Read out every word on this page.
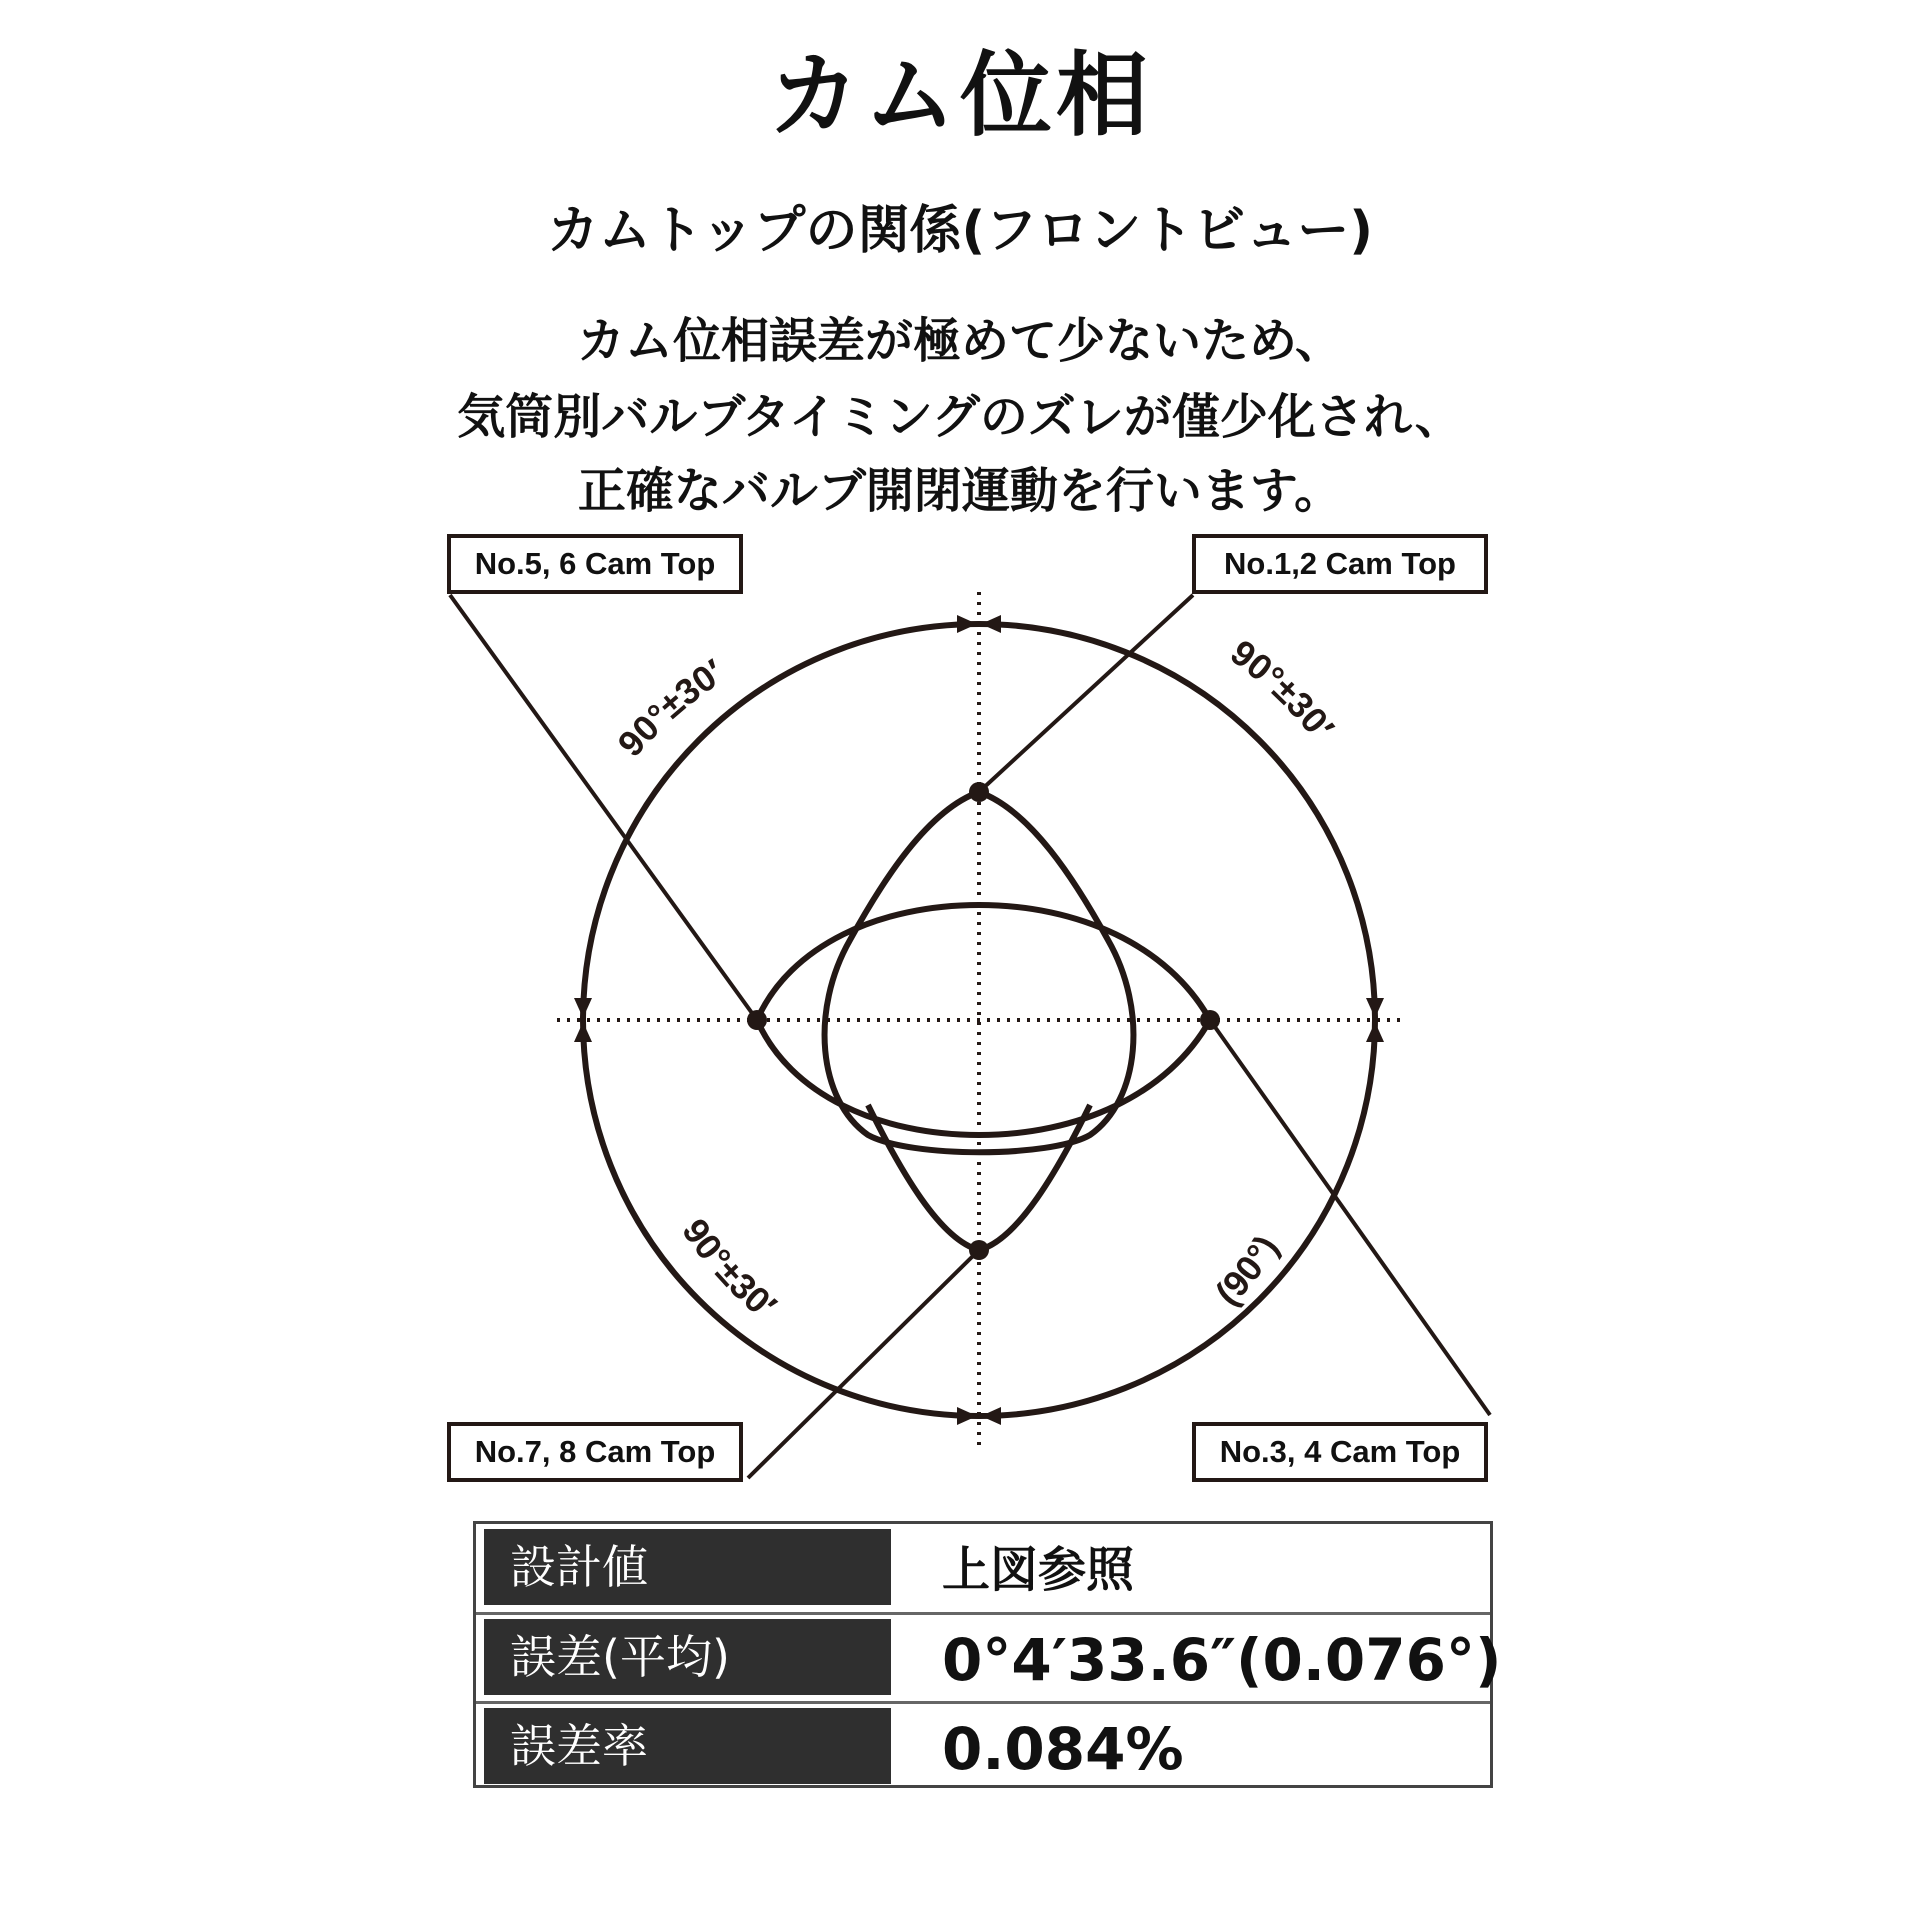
カム位相
カムトップの関係(フロントビュー)
カム位相誤差が極めて少ないため、
気筒別バルブタイミングのズレが僅少化され、
正確なバルブ開閉運動を行います。
90°±30′	90°±30′
90°±30′	(90°)
No.5, 6 Cam Top	No.1,2 Cam Top
No.7, 8 Cam Top	No.3, 4 Cam Top
設計値	上図参照
誤差(平均)	0°4′33.6″(0.076°)
誤差率	0.084%
